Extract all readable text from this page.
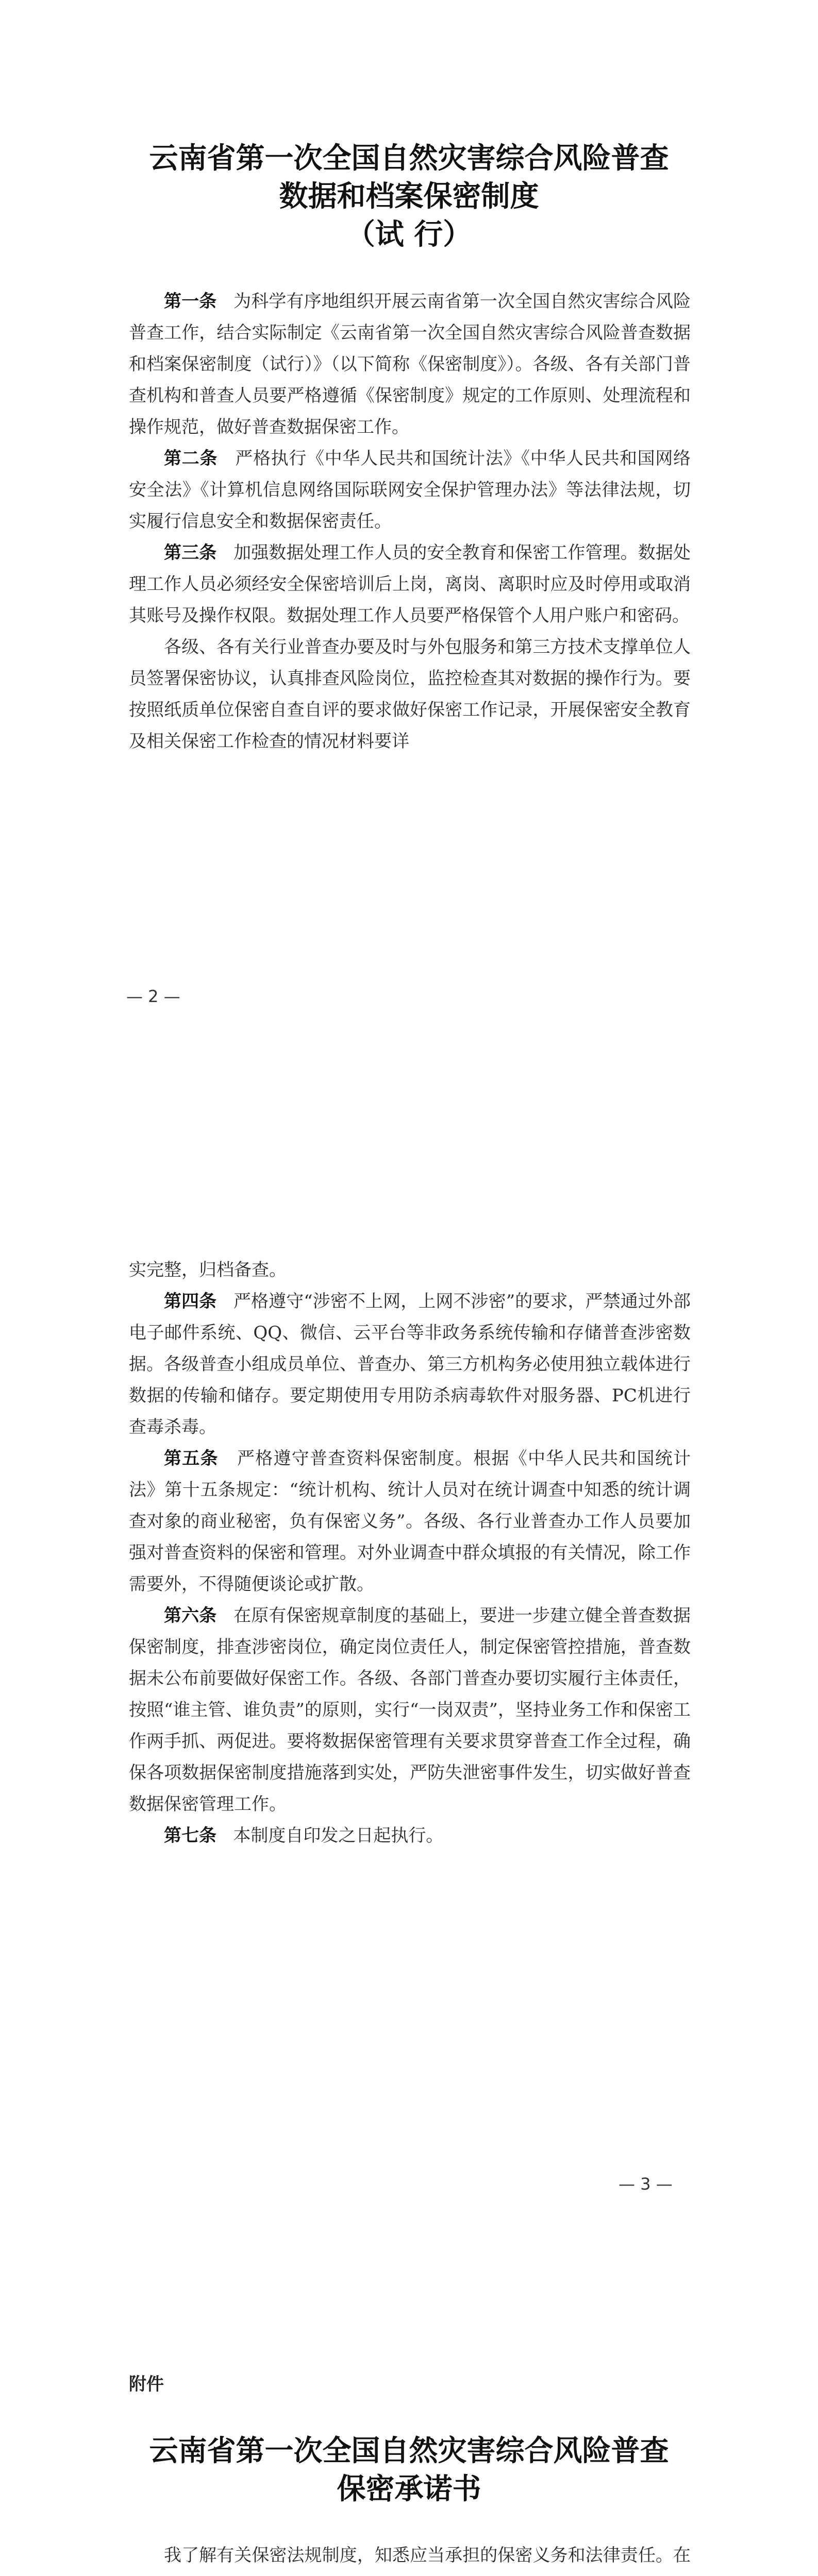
云南省第一次全国自然灾害综合风险普查
数据和档案保密制度
（试 行）

第一条 为科学有序地组织开展云南省第一次全国自然灾害综合风险普查工作，结合实际制定《云南省第一次全国自然灾害综合风险普查数据和档案保密制度（试行）》（以下简称《保密制度》）。各级、各有关部门普查机构和普查人员要严格遵循《保密制度》规定的工作原则、处理流程和操作规范，做好普查数据保密工作。

第二条 严格执行《中华人民共和国统计法》《中华人民共和国网络安全法》《计算机信息网络国际联网安全保护管理办法》等法律法规，切实履行信息安全和数据保密责任。

第三条 加强数据处理工作人员的安全教育和保密工作管理。数据处理工作人员必须经安全保密培训后上岗，离岗、离职时应及时停用或取消其账号及操作权限。数据处理工作人员要严格保管个人用户账户和密码。

各级、各有关行业普查办要及时与外包服务和第三方技术支撑单位人员签署保密协议，认真排查风险岗位，监控检查其对数据的操作行为。要按照纸质单位保密自查自评的要求做好保密工作记录，开展保密安全教育及相关保密工作检查的情况材料要详

— 2 —

实完整，归档备查。

第四条 严格遵守“涉密不上网，上网不涉密”的要求，严禁通过外部电子邮件系统、QQ、微信、云平台等非政务系统传输和存储普查涉密数据。各级普查小组成员单位、普查办、第三方机构务必使用独立载体进行数据的传输和储存。要定期使用专用防杀病毒软件对服务器、PC机进行查毒杀毒。

第五条 严格遵守普查资料保密制度。根据《中华人民共和国统计法》第十五条规定：“统计机构、统计人员对在统计调查中知悉的统计调查对象的商业秘密，负有保密义务”。各级、各行业普查办工作人员要加强对普查资料的保密和管理。对外业调查中群众填报的有关情况，除工作需要外，不得随便谈论或扩散。

第六条 在原有保密规章制度的基础上，要进一步建立健全普查数据保密制度，排查涉密岗位，确定岗位责任人，制定保密管控措施，普查数据未公布前要做好保密工作。各级、各部门普查办要切实履行主体责任，按照“谁主管、谁负责”的原则，实行“一岗双责”，坚持业务工作和保密工作两手抓、两促进。要将数据保密管理有关要求贯穿普查工作全过程，确保各项数据保密制度措施落到实处，严防失泄密事件发生，切实做好普查数据保密管理工作。

第七条 本制度自印发之日起执行。

— 3 —
附件
云南省第一次全国自然灾害综合风险普查
保密承诺书

我了解有关保密法规制度，知悉应当承担的保密义务和法律责任。在
